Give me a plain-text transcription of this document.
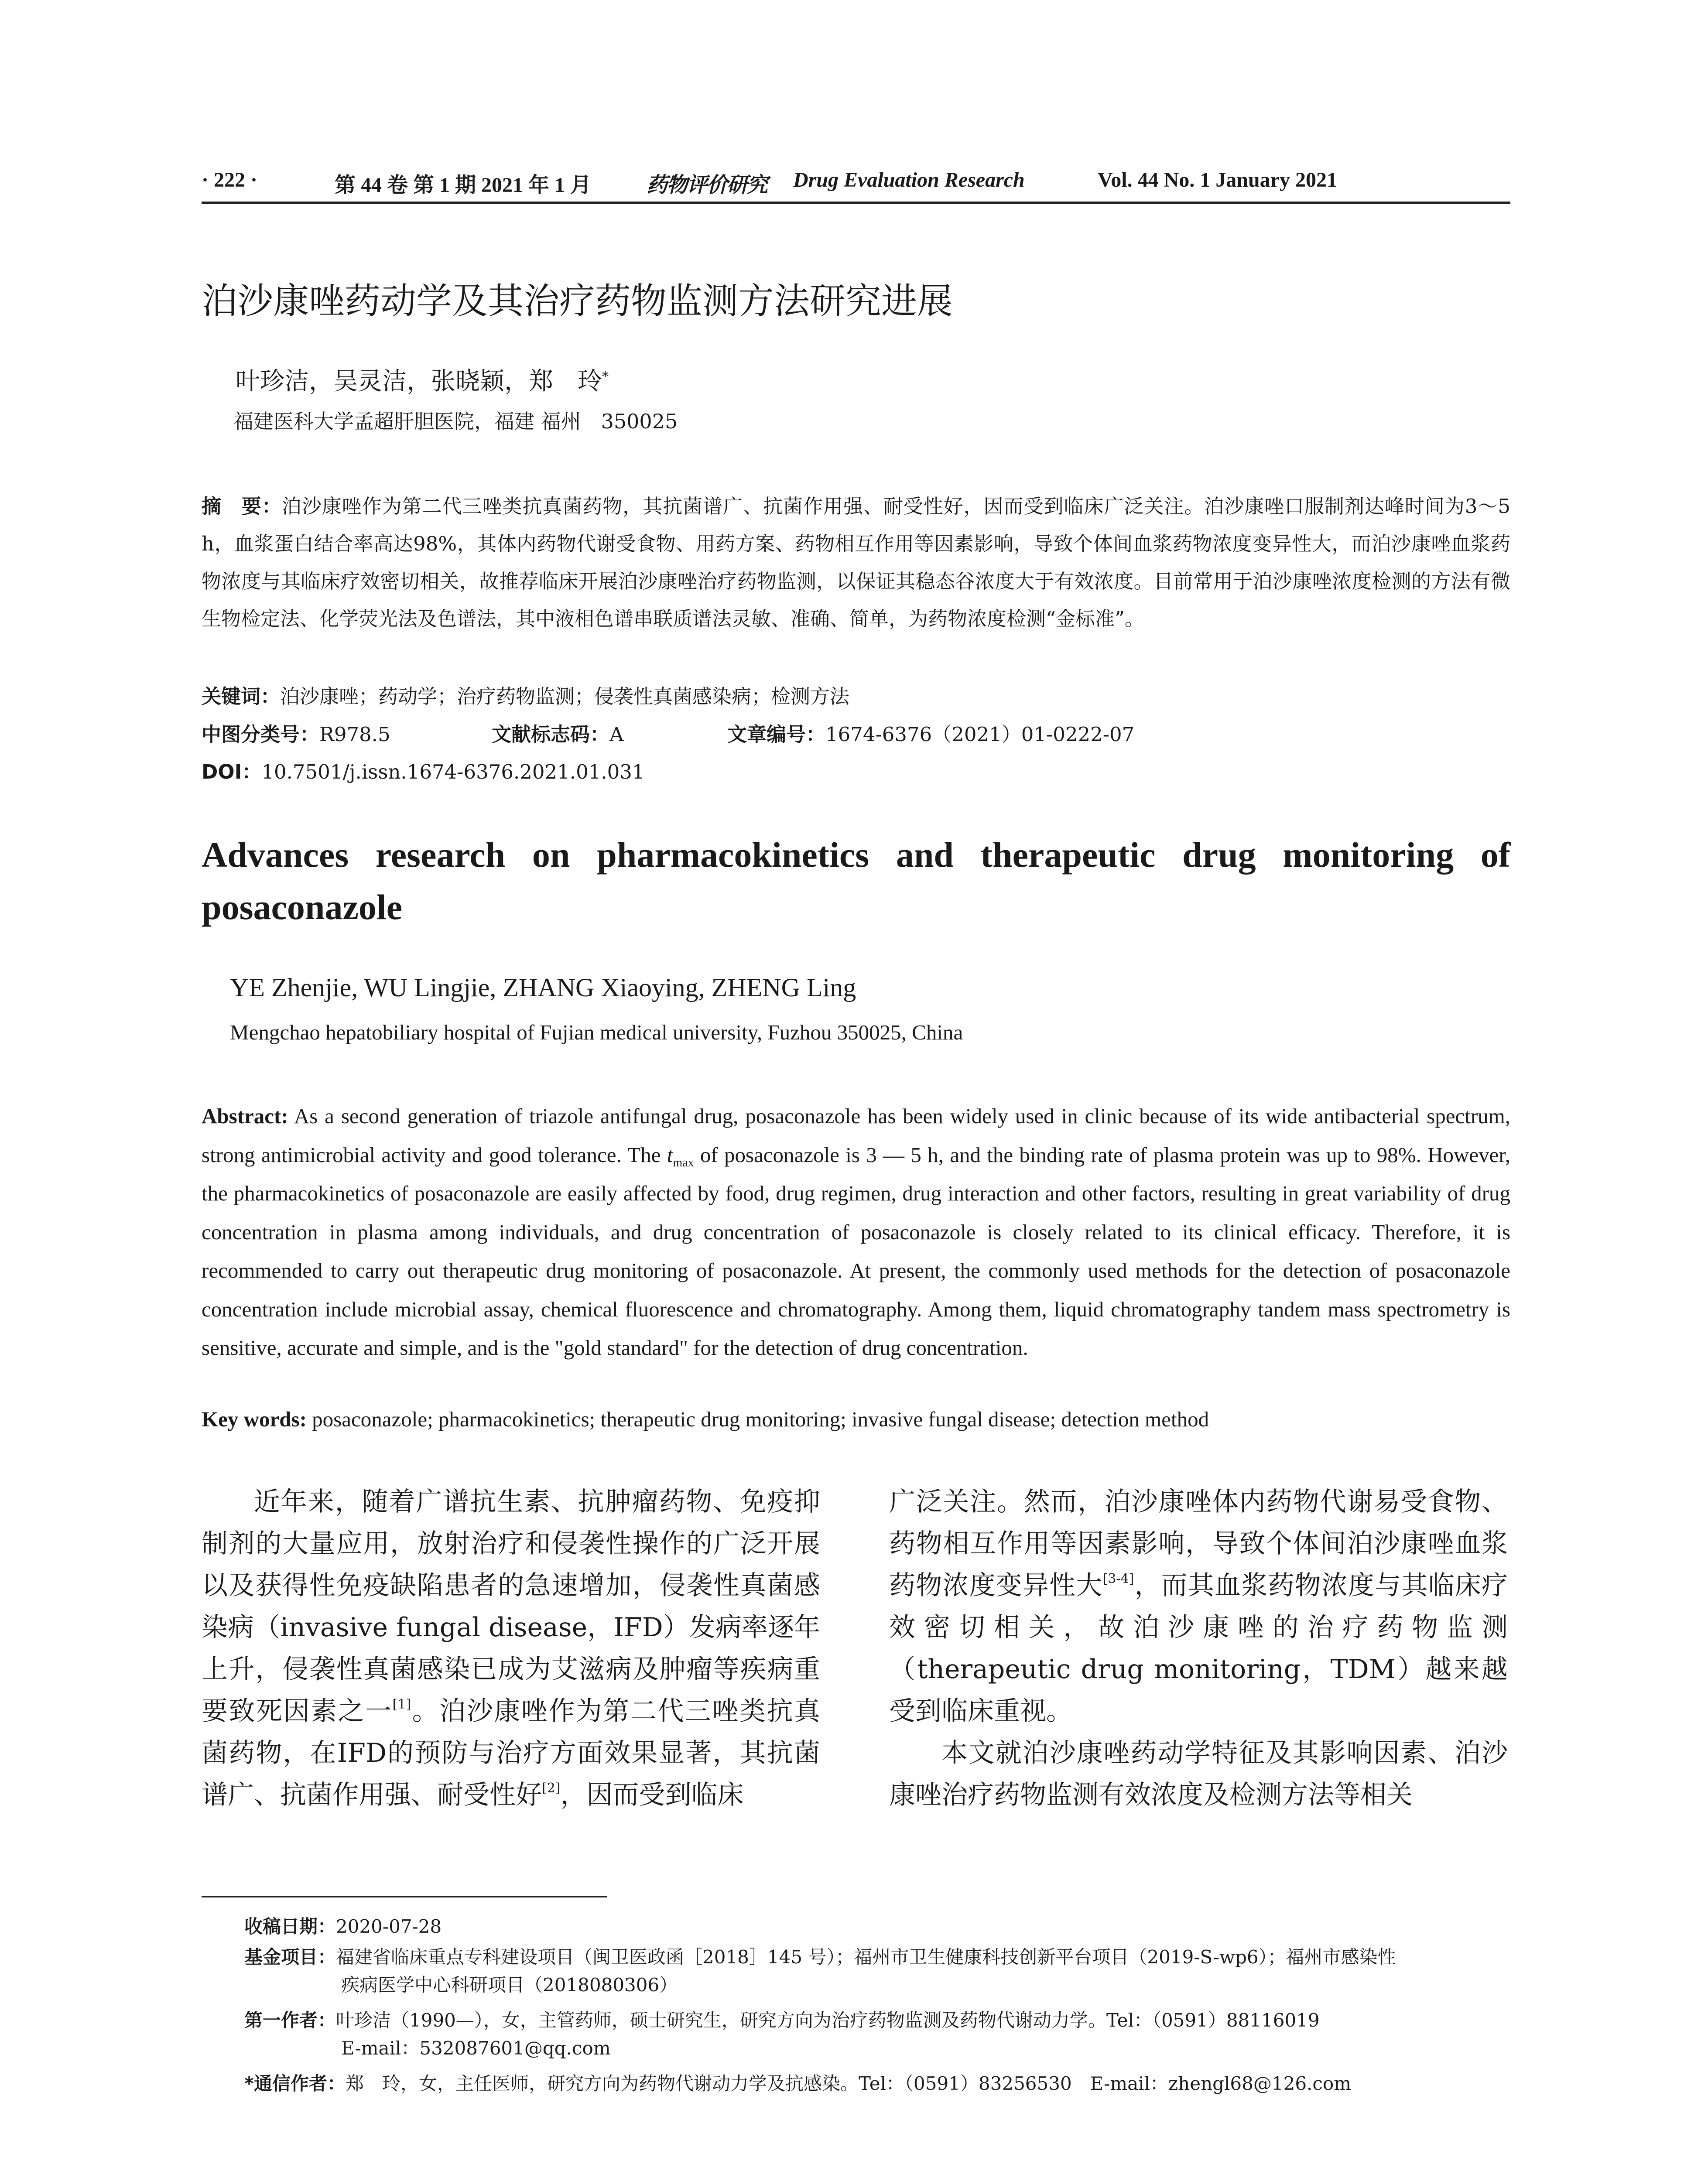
· 222 ·	第 44 卷 第 1 期 2021 年 1 月	药物评价研究 Drug Evaluation Research	Vol. 44 No. 1 January 2021
泊沙康唑药动学及其治疗药物监测方法研究进展
叶珍洁，吴灵洁，张晓颖，郑　玲*
福建医科大学孟超肝胆医院，福建 福州　350025
摘　要：泊沙康唑作为第二代三唑类抗真菌药物，其抗菌谱广、抗菌作用强、耐受性好，因而受到临床广泛关注。泊沙康唑口服制剂达峰时间为3～5 h，血浆蛋白结合率高达98%，其体内药物代谢受食物、用药方案、药物相互作用等因素影响，导致个体间血浆药物浓度变异性大，而泊沙康唑血浆药物浓度与其临床疗效密切相关，故推荐临床开展泊沙康唑治疗药物监测，以保证其稳态谷浓度大于有效浓度。目前常用于泊沙康唑浓度检测的方法有微生物检定法、化学荧光法及色谱法，其中液相色谱串联质谱法灵敏、准确、简单，为药物浓度检测“金标准”。
关键词：泊沙康唑；药动学；治疗药物监测；侵袭性真菌感染病；检测方法
中图分类号：R978.5	文献标志码：A	文章编号：1674-6376（2021）01-0222-07
DOI：10.7501/j.issn.1674-6376.2021.01.031
Advances research on pharmacokinetics and therapeutic drug monitoring of posaconazole
YE Zhenjie, WU Lingjie, ZHANG Xiaoying, ZHENG Ling
Mengchao hepatobiliary hospital of Fujian medical university, Fuzhou 350025, China
Abstract: As a second generation of triazole antifungal drug, posaconazole has been widely used in clinic because of its wide antibacterial spectrum, strong antimicrobial activity and good tolerance. The $t_{max}$ of posaconazole is 3 — 5 h, and the binding rate of plasma protein was up to 98%. However, the pharmacokinetics of posaconazole are easily affected by food, drug regimen, drug interaction and other factors, resulting in great variability of drug concentration in plasma among individuals, and drug concentration of posaconazole is closely related to its clinical efficacy. Therefore, it is recommended to carry out therapeutic drug monitoring of posaconazole. At present, the commonly used methods for the detection of posaconazole concentration include microbial assay, chemical fluorescence and chromatography. Among them, liquid chromatography tandem mass spectrometry is sensitive, accurate and simple, and is the "gold standard" for the detection of drug concentration.
Key words: posaconazole; pharmacokinetics; therapeutic drug monitoring; invasive fungal disease; detection method

近年来，随着广谱抗生素、抗肿瘤药物、免疫抑制剂的大量应用，放射治疗和侵袭性操作的广泛开展以及获得性免疫缺陷患者的急速增加，侵袭性真菌感染病（invasive fungal disease，IFD）发病率逐年上升，侵袭性真菌感染已成为艾滋病及肿瘤等疾病重要致死因素之一[1]。泊沙康唑作为第二代三唑类抗真菌药物，在IFD的预防与治疗方面效果显著，其抗菌谱广、抗菌作用强、耐受性好[2]，因而受到临床

广泛关注。然而，泊沙康唑体内药物代谢易受食物、药物相互作用等因素影响，导致个体间泊沙康唑血浆药物浓度变异性大[3-4]，而其血浆药物浓度与其临床疗效密切相关，故泊沙康唑的治疗药物监测（therapeutic drug monitoring，TDM）越来越受到临床重视。

本文就泊沙康唑药动学特征及其影响因素、泊沙康唑治疗药物监测有效浓度及检测方法等相关

收稿日期：2020-07-28
基金项目：福建省临床重点专科建设项目（闽卫医政函［2018］145 号）；福州市卫生健康科技创新平台项目（2019-S-wp6）；福州市感染性
疾病医学中心科研项目（2018080306）
第一作者：叶珍洁（1990—），女，主管药师，硕士研究生，研究方向为治疗药物监测及药物代谢动力学。Tel：（0591）88116019
E-mail：532087601@qq.com
*通信作者：郑　玲，女，主任医师，研究方向为药物代谢动力学及抗感染。Tel：（0591）83256530　E-mail：zhengl68@126.com
